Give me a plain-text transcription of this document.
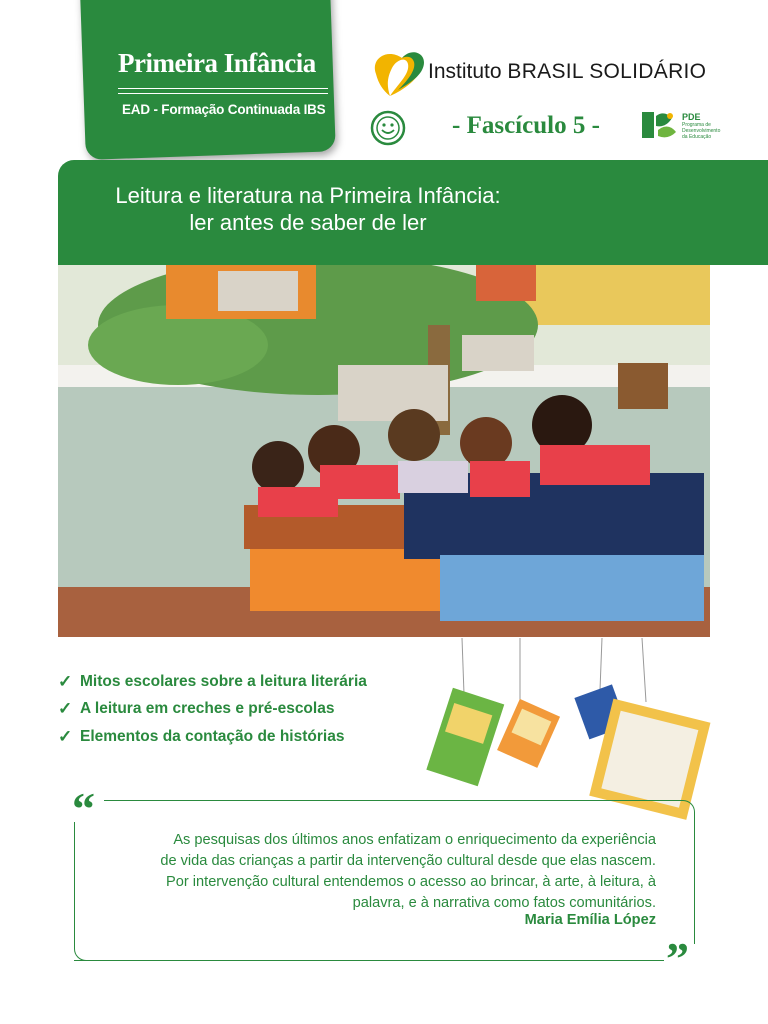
Primeira Infância
EAD - Formação Continuada IBS
Instituto BRASIL SOLIDÁRIO
- Fascículo 5 -	PDE
Programa de Desenvolvimento da Educação
Leitura e literatura na Primeira Infância:
ler antes de saber de ler
✓ Mitos escolares sobre a leitura literária
✓ A leitura em creches e pré-escolas
✓ Elementos da contação de histórias
“
”
As pesquisas dos últimos anos enfatizam o enriquecimento da experiência
de vida das crianças a partir da intervenção cultural desde que elas nascem.
Por intervenção cultural entendemos o acesso ao brincar, à arte, à leitura, à
palavra, e à narrativa como fatos comunitários.
Maria Emília López
